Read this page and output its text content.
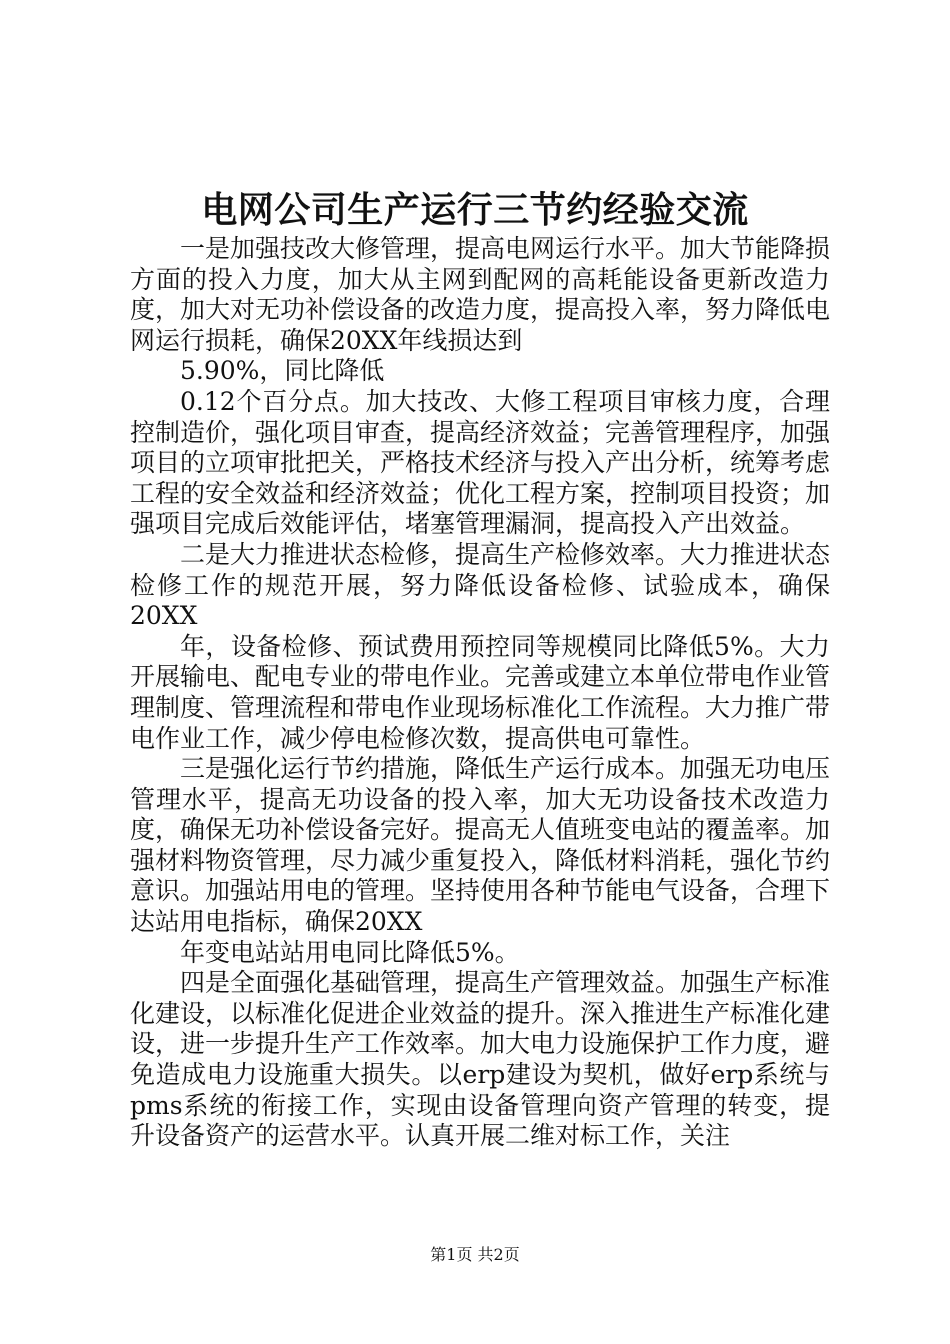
电网公司生产运行三节约经验交流

一是加强技改大修管理，提高电网运行水平。加大节能降损方面的投入力度，加大从主网到配网的高耗能设备更新改造力度，加大对无功补偿设备的改造力度，提高投入率，努力降低电网运行损耗，确保20XX年线损达到

5.90%，同比降低

0.12个百分点。加大技改、大修工程项目审核力度，合理控制造价，强化项目审查，提高经济效益；完善管理程序，加强项目的立项审批把关，严格技术经济与投入产出分析，统筹考虑工程的安全效益和经济效益；优化工程方案，控制项目投资；加强项目完成后效能评估，堵塞管理漏洞，提高投入产出效益。

二是大力推进状态检修，提高生产检修效率。大力推进状态检修工作的规范开展，努力降低设备检修、试验成本，确保20XX

年，设备检修、预试费用预控同等规模同比降低5%。大力开展输电、配电专业的带电作业。完善或建立本单位带电作业管理制度、管理流程和带电作业现场标准化工作流程。大力推广带电作业工作，减少停电检修次数，提高供电可靠性。

三是强化运行节约措施，降低生产运行成本。加强无功电压管理水平，提高无功设备的投入率，加大无功设备技术改造力度，确保无功补偿设备完好。提高无人值班变电站的覆盖率。加强材料物资管理，尽力减少重复投入，降低材料消耗，强化节约意识。加强站用电的管理。坚持使用各种节能电气设备，合理下达站用电指标，确保20XX

年变电站站用电同比降低5%。

四是全面强化基础管理，提高生产管理效益。加强生产标准化建设，以标准化促进企业效益的提升。深入推进生产标准化建设，进一步提升生产工作效率。加大电力设施保护工作力度，避免造成电力设施重大损失。以erp建设为契机，做好erp系统与pms系统的衔接工作，实现由设备管理向资产管理的转变，提升设备资产的运营水平。认真开展二维对标工作，关注

第1页 共2页
